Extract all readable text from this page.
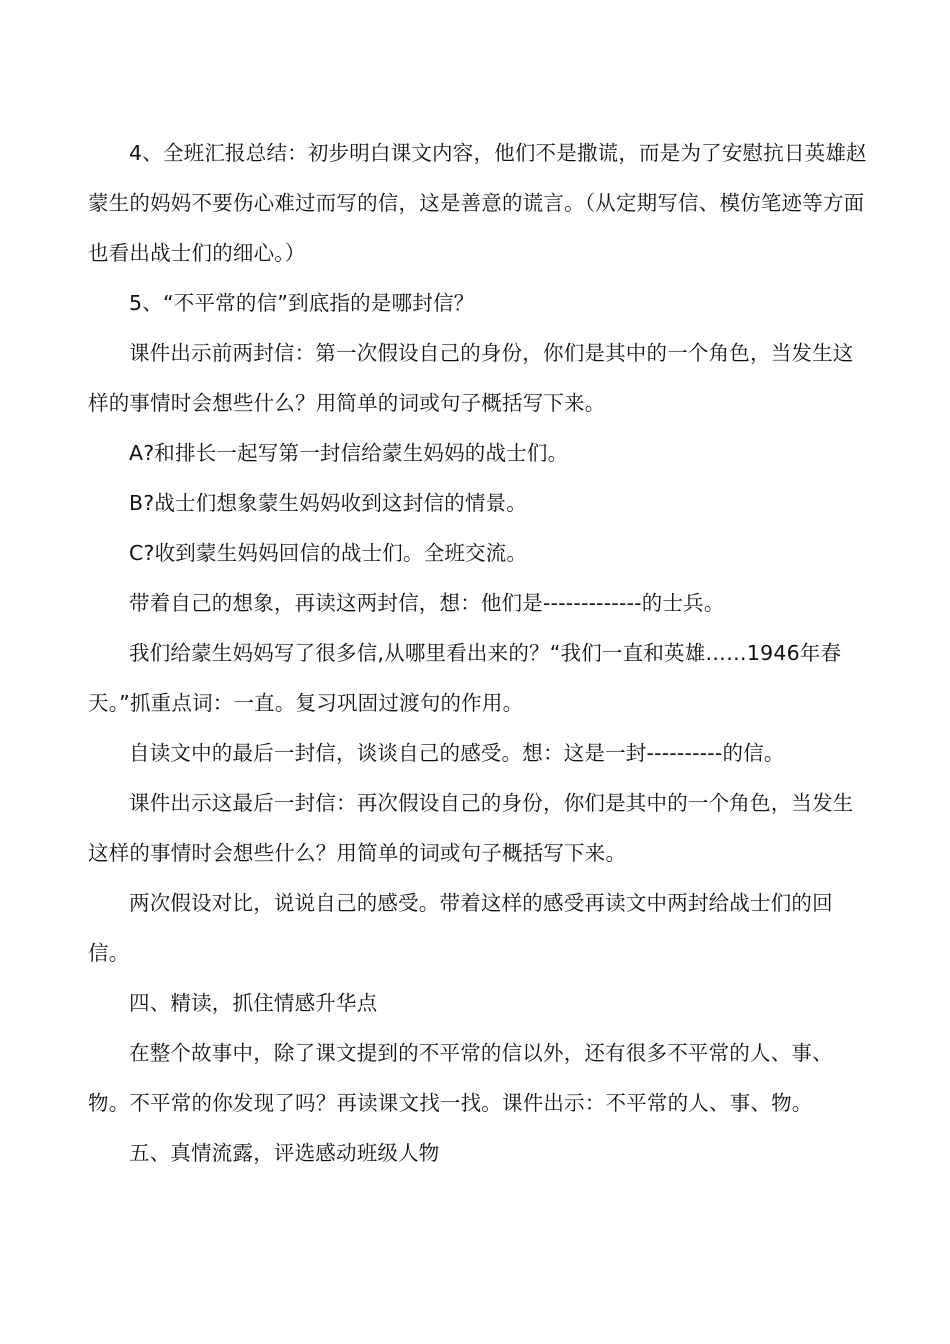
4、全班汇报总结：初步明白课文内容，他们不是撒谎，而是为了安慰抗日英雄赵蒙生的妈妈不要伤心难过而写的信，这是善意的谎言。（从定期写信、模仿笔迹等方面也看出战士们的细心。）

5、“不平常的信”到底指的是哪封信？

课件出示前两封信：第一次假设自己的身份，你们是其中的一个角色，当发生这样的事情时会想些什么？用简单的词或句子概括写下来。

A?和排长一起写第一封信给蒙生妈妈的战士们。

B?战士们想象蒙生妈妈收到这封信的情景。

C?收到蒙生妈妈回信的战士们。全班交流。

带着自己的想象，再读这两封信，想：他们是-------------的士兵。

我们给蒙生妈妈写了很多信,从哪里看出来的？“我们一直和英雄……1946年春天。”抓重点词：一直。复习巩固过渡句的作用。

自读文中的最后一封信，谈谈自己的感受。想：这是一封----------的信。

课件出示这最后一封信：再次假设自己的身份，你们是其中的一个角色，当发生这样的事情时会想些什么？用简单的词或句子概括写下来。

两次假设对比，说说自己的感受。带着这样的感受再读文中两封给战士们的回信。

四、精读，抓住情感升华点

在整个故事中，除了课文提到的不平常的信以外，还有很多不平常的人、事、物。不平常的你发现了吗？再读课文找一找。课件出示：不平常的人、事、物。

五、真情流露，评选感动班级人物
